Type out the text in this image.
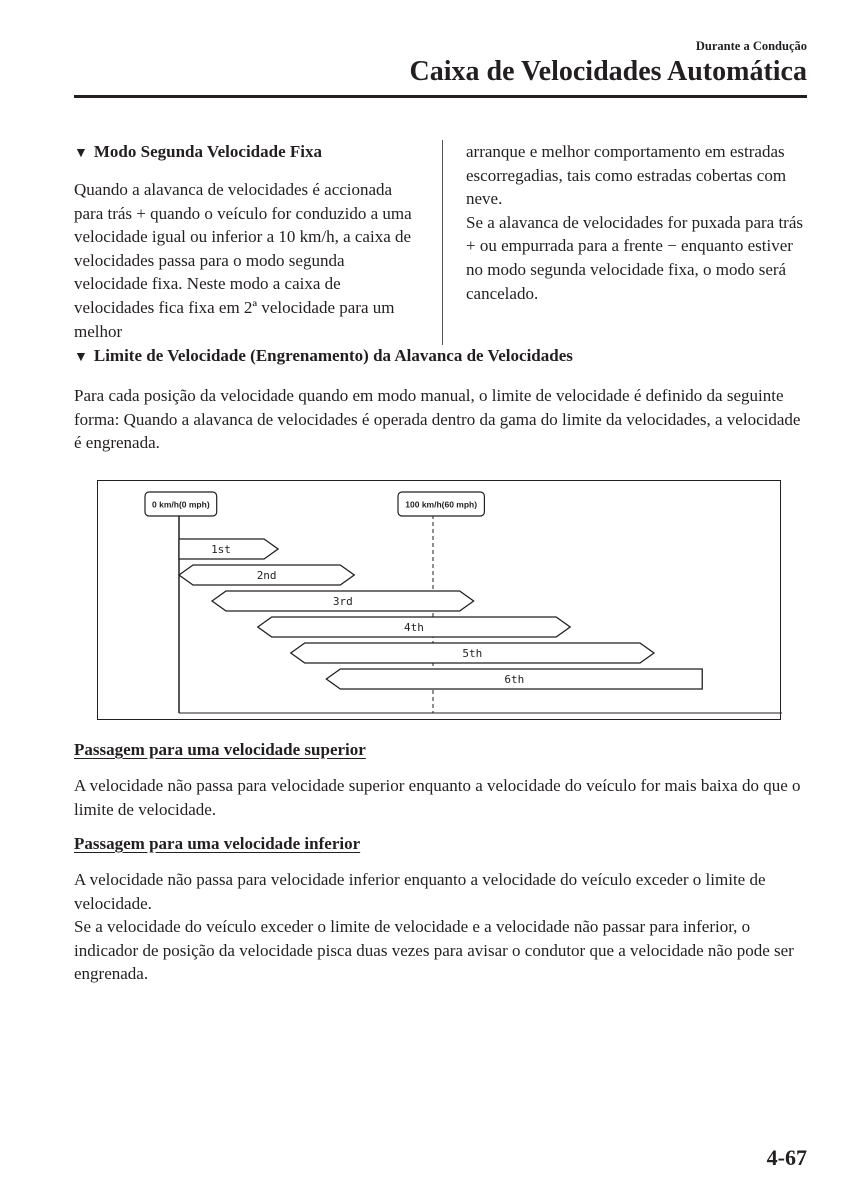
Durante a Condução
Caixa de Velocidades Automática

▼ Modo Segunda Velocidade Fixa

Quando a alavanca de velocidades é accionada para trás + quando o veículo for conduzido a uma velocidade igual ou inferior a 10 km/h, a caixa de velocidades passa para o modo segunda velocidade fixa. Neste modo a caixa de velocidades fica fixa em 2ª velocidade para um melhor

arranque e melhor comportamento em estradas escorregadias, tais como estradas cobertas com neve.

Se a alavanca de velocidades for puxada para trás + ou empurrada para a frente − enquanto estiver no modo segunda velocidade fixa, o modo será cancelado.

▼ Limite de Velocidade (Engrenamento) da Alavanca de Velocidades

Para cada posição da velocidade quando em modo manual, o limite de velocidade é definido da seguinte forma: Quando a alavanca de velocidades é operada dentro da gama do limite da velocidades, a velocidade é engrenada.

0 km/h(0 mph)	100 km/h(60 mph)
1st
2nd
3rd
4th
5th
6th

Passagem para uma velocidade superior

A velocidade não passa para velocidade superior enquanto a velocidade do veículo for mais baixa do que o limite de velocidade.

Passagem para uma velocidade inferior

A velocidade não passa para velocidade inferior enquanto a velocidade do veículo exceder o limite de velocidade.

Se a velocidade do veículo exceder o limite de velocidade e a velocidade não passar para inferior, o indicador de posição da velocidade pisca duas vezes para avisar o condutor que a velocidade não pode ser engrenada.

4-67
